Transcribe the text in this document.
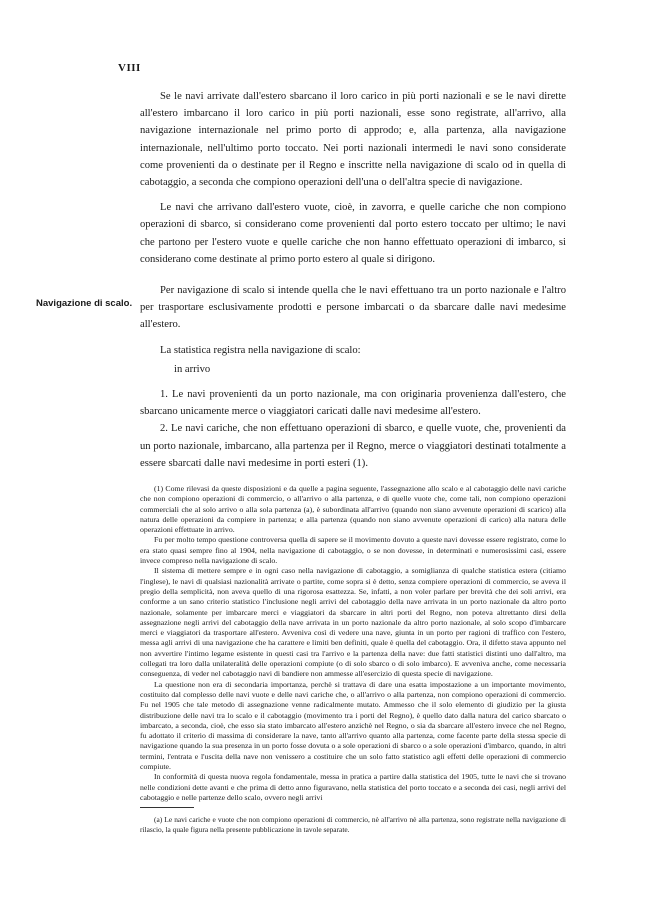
VIII
Navigazione di scalo.

Se le navi arrivate dall'estero sbarcano il loro carico in più porti nazionali e se le navi dirette all'estero imbarcano il loro carico in più porti nazionali, esse sono registrate, all'arrivo, alla navigazione internazionale nel primo porto di approdo; e, alla partenza, alla navigazione internazionale, nell'ultimo porto toccato. Nei porti nazionali intermedi le navi sono considerate come provenienti da o destinate per il Regno e inscritte nella navigazione di scalo od in quella di cabotaggio, a seconda che compiono operazioni dell'una o dell'altra specie di navigazione.

Le navi che arrivano dall'estero vuote, cioè, in zavorra, e quelle cariche che non compiono operazioni di sbarco, si considerano come provenienti dal porto estero toccato per ultimo; le navi che partono per l'estero vuote e quelle cariche che non hanno effettuato operazioni di imbarco, si considerano come destinate al primo porto estero al quale si dirigono.

Per navigazione di scalo si intende quella che le navi effettuano tra un porto nazionale e l'altro per trasportare esclusivamente prodotti e persone imbarcati o da sbarcare dalle navi medesime all'estero.

La statistica registra nella navigazione di scalo:

in arrivo

1. Le navi provenienti da un porto nazionale, ma con originaria provenienza dall'estero, che sbarcano unicamente merce o viaggiatori caricati dalle navi medesime all'estero.

2. Le navi cariche, che non effettuano operazioni di sbarco, e quelle vuote, che, provenienti da un porto nazionale, imbarcano, alla partenza per il Regno, merce o viaggiatori destinati totalmente a essere sbarcati dalle navi medesime in porti esteri (1).

(1) Come rilevasi da queste disposizioni e da quelle a pagina seguente, l'assegnazione allo scalo e al cabotaggio delle navi cariche che non compiono operazioni di commercio, o all'arrivo o alla partenza, e di quelle vuote che, come tali, non compiono operazioni commerciali che al solo arrivo o alla sola partenza (a), è subordinata all'arrivo (quando non siano avvenute operazioni di scarico) alla natura delle operazioni da compiere in partenza; e alla partenza (quando non siano avvenute operazioni di carico) alla natura delle operazioni effettuate in arrivo.

Fu per molto tempo questione controversa quella di sapere se il movimento dovuto a queste navi dovesse essere registrato, come lo era stato quasi sempre fino al 1904, nella navigazione di cabotaggio, o se non dovesse, in determinati e numerosissimi casi, essere invece compreso nella navigazione di scalo.

Il sistema di mettere sempre e in ogni caso nella navigazione di cabotaggio, a somiglianza di qualche statistica estera (citiamo l'inglese), le navi di qualsiasi nazionalità arrivate o partite, come sopra si è detto, senza compiere operazioni di commercio, se aveva il pregio della semplicità, non aveva quello di una rigorosa esattezza. Se, infatti, a non voler parlare per brevità che dei soli arrivi, era conforme a un sano criterio statistico l'inclusione negli arrivi del cabotaggio della nave arrivata in un porto nazionale da altro porto nazionale, solamente per imbarcare merci e viaggiatori da sbarcare in altri porti del Regno, non poteva altrettanto dirsi della assegnazione negli arrivi del cabotaggio della nave arrivata in un porto nazionale da altro porto nazionale, al solo scopo d'imbarcare merci e viaggiatori da trasportare all'estero. Avveniva così di vedere una nave, giunta in un porto per ragioni di traffico con l'estero, messa agli arrivi di una navigazione che ha carattere e limiti ben definiti, quale è quella del cabotaggio. Ora, il difetto stava appunto nel non avvertire l'intimo legame esistente in questi casi tra l'arrivo e la partenza della nave: due fatti statistici distinti uno dall'altro, ma collegati tra loro dalla unilateralità delle operazioni compiute (o di solo sbarco o di solo imbarco). E avveniva anche, come necessaria conseguenza, di veder nel cabotaggio navi di bandiere non ammesse all'esercizio di questa specie di navigazione.

La questione non era di secondaria importanza, perchè si trattava di dare una esatta impostazione a un importante movimento, costituito dal complesso delle navi vuote e delle navi cariche che, o all'arrivo o alla partenza, non compiono operazioni di commercio. Fu nel 1905 che tale metodo di assegnazione venne radicalmente mutato. Ammesso che il solo elemento di giudizio per la giusta distribuzione delle navi tra lo scalo e il cabotaggio (movimento tra i porti del Regno), è quello dato dalla natura del carico sbarcato o imbarcato, a seconda, cioè, che esso sia stato imbarcato all'estero anzichè nel Regno, o sia da sbarcare all'estero invece che nel Regno, fu adottato il criterio di massima di considerare la nave, tanto all'arrivo quanto alla partenza, come facente parte della stessa specie di navigazione quando la sua presenza in un porto fosse dovuta o a sole operazioni di sbarco o a sole operazioni d'imbarco, quando, in altri termini, l'entrata e l'uscita della nave non venissero a costituire che un solo fatto statistico agli effetti delle operazioni di commercio compiute.

In conformità di questa nuova regola fondamentale, messa in pratica a partire dalla statistica del 1905, tutte le navi che si trovano nelle condizioni dette avanti e che prima di detto anno figuravano, nella statistica del porto toccato e a seconda dei casi, negli arrivi del cabotaggio e nelle partenze dello scalo, ovvero negli arrivi

(a) Le navi cariche e vuote che non compiono operazioni di commercio, nè all'arrivo nè alla partenza, sono registrate nella navigazione di rilascio, la quale figura nella presente pubblicazione in tavole separate.
